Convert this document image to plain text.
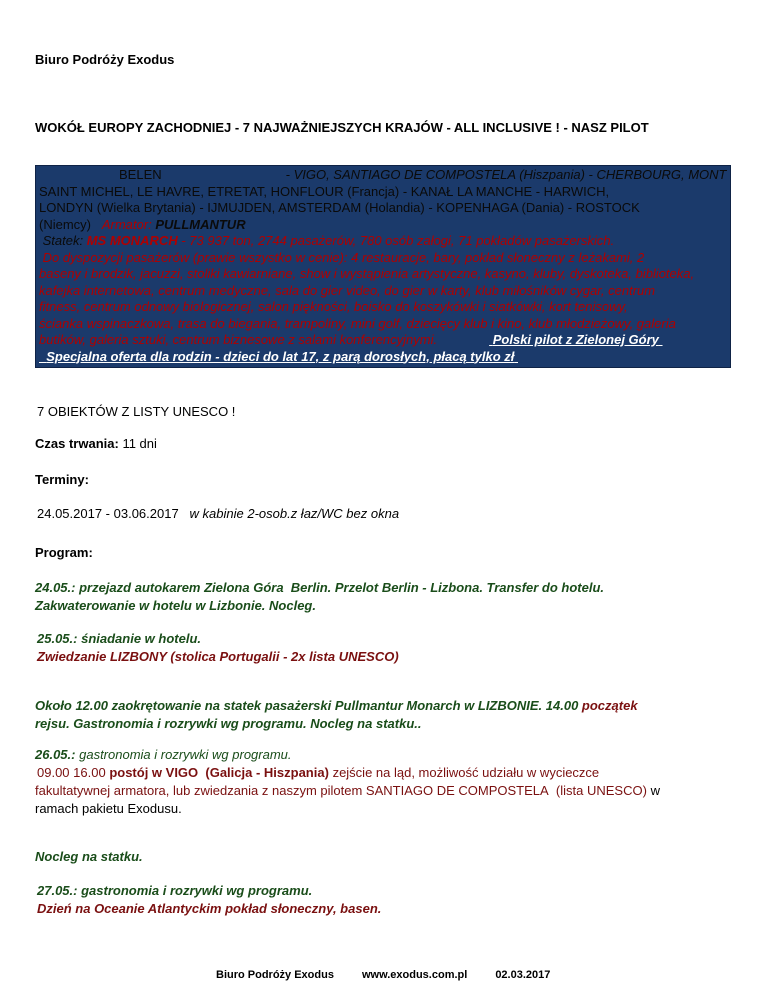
Biuro Podróży Exodus
WOKÓŁ EUROPY ZACHODNIEJ - 7 NAJWAŻNIEJSZYCH KRAJÓW - ALL INCLUSIVE ! - NASZ PILOT
BELEN	- VIGO, SANTIAGO DE COMPOSTELA (Hiszpania) - CHERBOURG, MONT
SAINT MICHEL, LE HAVRE, ETRETAT, HONFLOUR (Francja) - KANAŁ LA MANCHE - HARWICH,
LONDYN (Wielka Brytania) - IJMUJDEN, AMSTERDAM (Holandia) - KOPENHAGA (Dania) - ROSTOCK
(Niemcy) Armator: PULLMANTUR
Statek: MS MONARCH - 73 937 ton, 2744 pasażerów, 780 osób załogi, 71 pokładów pasażerskich.
Do dyspozycji pasażerów (prawie wszystko w cenie): 4 restauracje, bary, pokład słoneczny z leżakami, 2
baseny i brodzik, jacuzzi, stoliki kawiarniane, show i wystąpienia artystyczne, kasyno, kluby, dyskoteka, biblioteka,
kafejka internetowa, centrum medyczne, sala do gier video, do gier w karty, klub miłośników cygar, centrum
fitness, centrum odnowy biologicznej, salon piękności, boisko do koszykówki i siatkówki, kort tenisowy,
ścianka wspinaczkowa, trasa do biegania, trampoliny, mini golf, dziecięcy klub i kino, klub młodzieżowy, galeria
butików, galeria sztuki, centrum biznesowe z salami konferencyjnymi.	Polski pilot z Zielonej Góry
Specjalna oferta dla rodzin - dzieci do lat 17, z parą dorosłych, płacą tylko zł
7 OBIEKTÓW Z LISTY UNESCO !
Czas trwania: 11 dni
Terminy:
24.05.2017 - 03.06.2017 w kabinie 2-osob.z łaz/WC bez okna
Program:
24.05.: przejazd autokarem Zielona Góra Berlin. Przelot Berlin - Lizbona. Transfer do hotelu.
Zakwaterowanie w hotelu w Lizbonie. Nocleg.
25.05.: śniadanie w hotelu.
Zwiedzanie LIZBONY (stolica Portugalii - 2x lista UNESCO)
Około 12.00 zaokrętowanie na statek pasażerski Pullmantur Monarch w LIZBONIE. 14.00 początek
rejsu. Gastronomia i rozrywki wg programu. Nocleg na statku..
26.05.: gastronomia i rozrywki wg programu.
09.00 16.00 postój w VIGO (Galicja - Hiszpania) zejście na ląd, możliwość udziału w wycieczce
fakultatywnej armatora, lub zwiedzania z naszym pilotem SANTIAGO DE COMPOSTELA (lista UNESCO) w
ramach pakietu Exodusu.
Nocleg na statku.
27.05.: gastronomia i rozrywki wg programu.
Dzień na Oceanie Atlantyckim pokład słoneczny, basen.
Biuro Podróży Exodus	www.exodus.com.pl	02.03.2017
